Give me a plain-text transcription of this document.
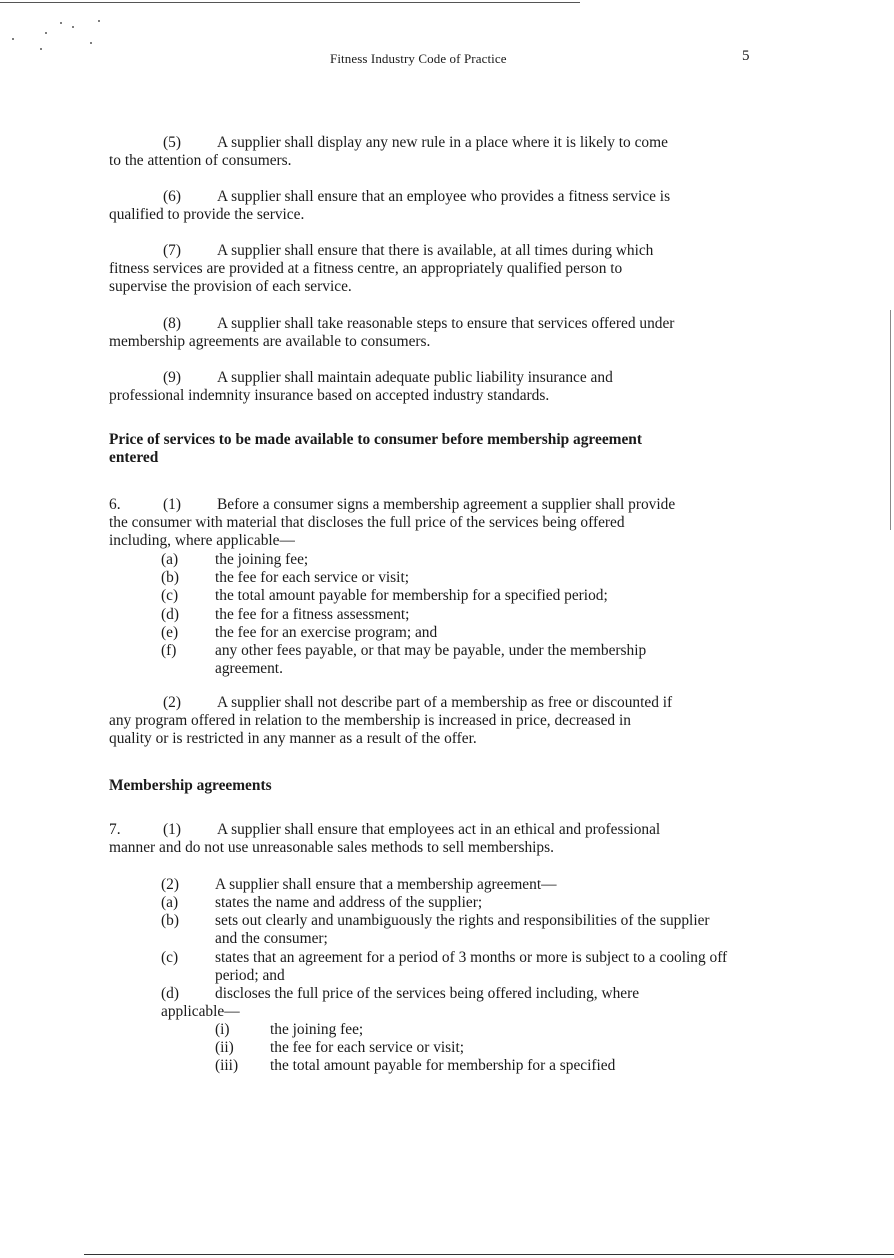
Fitness Industry Code of Practice	5

(5) A supplier shall display any new rule in a place where it is likely to come
to the attention of consumers.

(6) A supplier shall ensure that an employee who provides a fitness service is
qualified to provide the service.

(7) A supplier shall ensure that there is available, at all times during which
fitness services are provided at a fitness centre, an appropriately qualified person to
supervise the provision of each service.

(8) A supplier shall take reasonable steps to ensure that services offered under
membership agreements are available to consumers.

(9) A supplier shall maintain adequate public liability insurance and
professional indemnity insurance based on accepted industry standards.

Price of services to be made available to consumer before membership agreement
entered

6.	(1) Before a consumer signs a membership agreement a supplier shall provide
the consumer with material that discloses the full price of the services being offered
including, where applicable—

(a) the joining fee;
(b) the fee for each service or visit;
(c) the total amount payable for membership for a specified period;
(d) the fee for a fitness assessment;
(e) the fee for an exercise program; and
(f)	any other fees payable, or that may be payable, under the membership agreement.

(2) A supplier shall not describe part of a membership as free or discounted if
any program offered in relation to the membership is increased in price, decreased in
quality or is restricted in any manner as a result of the offer.

Membership agreements

7.	(1) A supplier shall ensure that employees act in an ethical and professional
manner and do not use unreasonable sales methods to sell memberships.

(2) A supplier shall ensure that a membership agreement—

(a) states the name and address of the supplier;
(b) sets out clearly and unambiguously the rights and responsibilities of the supplier and the consumer;
(c) states that an agreement for a period of 3 months or more is subject to a cooling off period; and

(d) discloses the full price of the services being offered including, where
applicable—

(i)	the joining fee;
(ii) the fee for each service or visit;
(iii) the total amount payable for membership for a specified
